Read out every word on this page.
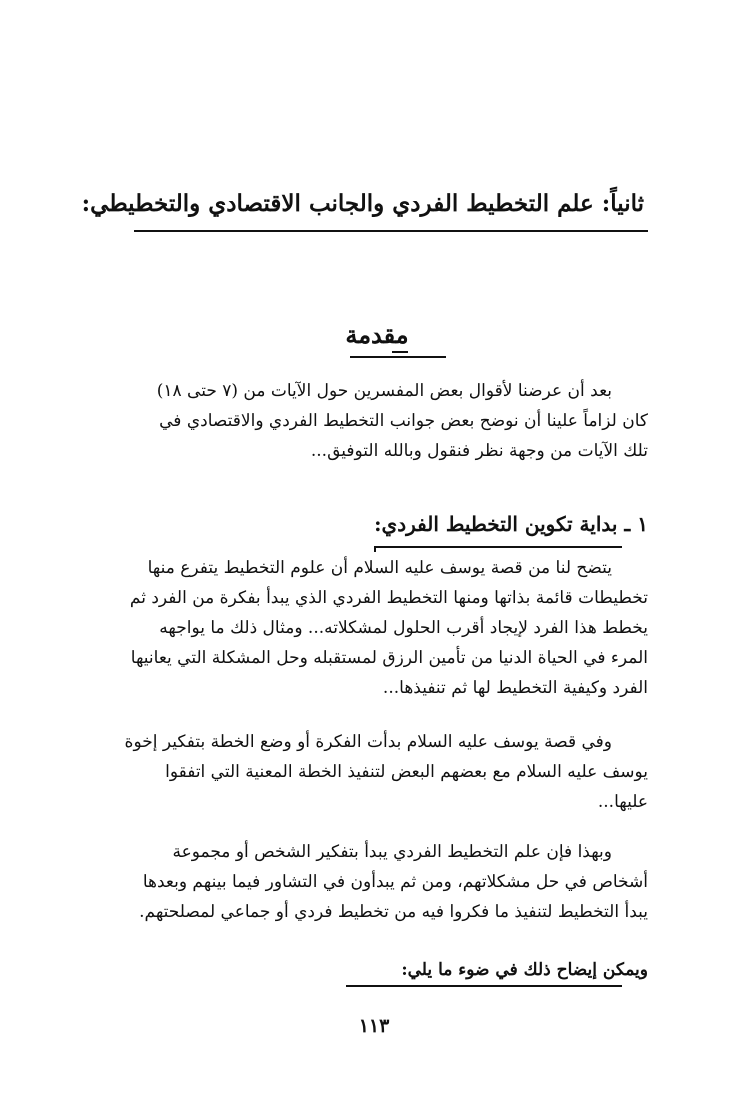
ثانياً: علم التخطيط الفردي والجانب الاقتصادي والتخطيطي:
مقدمة

بعد أن عرضنا لأقوال بعض المفسرين حول الآيات من (٧ حتى ١٨)

كان لزاماً علينا أن نوضح بعض جوانب التخطيط الفردي والاقتصادي في

تلك الآيات من وجهة نظر فنقول وبالله التوفيق...

١ ـ بداية تكوين التخطيط الفردي:

يتضح لنا من قصة يوسف عليه السلام أن علوم التخطيط يتفرع منها

تخطيطات قائمة بذاتها ومنها التخطيط الفردي الذي يبدأ بفكرة من الفرد ثم

يخطط هذا الفرد لإيجاد أقرب الحلول لمشكلاته... ومثال ذلك ما يواجهه

المرء في الحياة الدنيا من تأمين الرزق لمستقبله وحل المشكلة التي يعانيها

الفرد وكيفية التخطيط لها ثم تنفيذها...

وفي قصة يوسف عليه السلام بدأت الفكرة أو وضع الخطة بتفكير إخوة

يوسف عليه السلام مع بعضهم البعض لتنفيذ الخطة المعنية التي اتفقوا

عليها...

وبهذا فإن علم التخطيط الفردي يبدأ بتفكير الشخص أو مجموعة

أشخاص في حل مشكلاتهم، ومن ثم يبدأون في التشاور فيما بينهم وبعدها

يبدأ التخطيط لتنفيذ ما فكروا فيه من تخطيط فردي أو جماعي لمصلحتهم.

ويمكن إيضاح ذلك في ضوء ما يلي:
١١٣
